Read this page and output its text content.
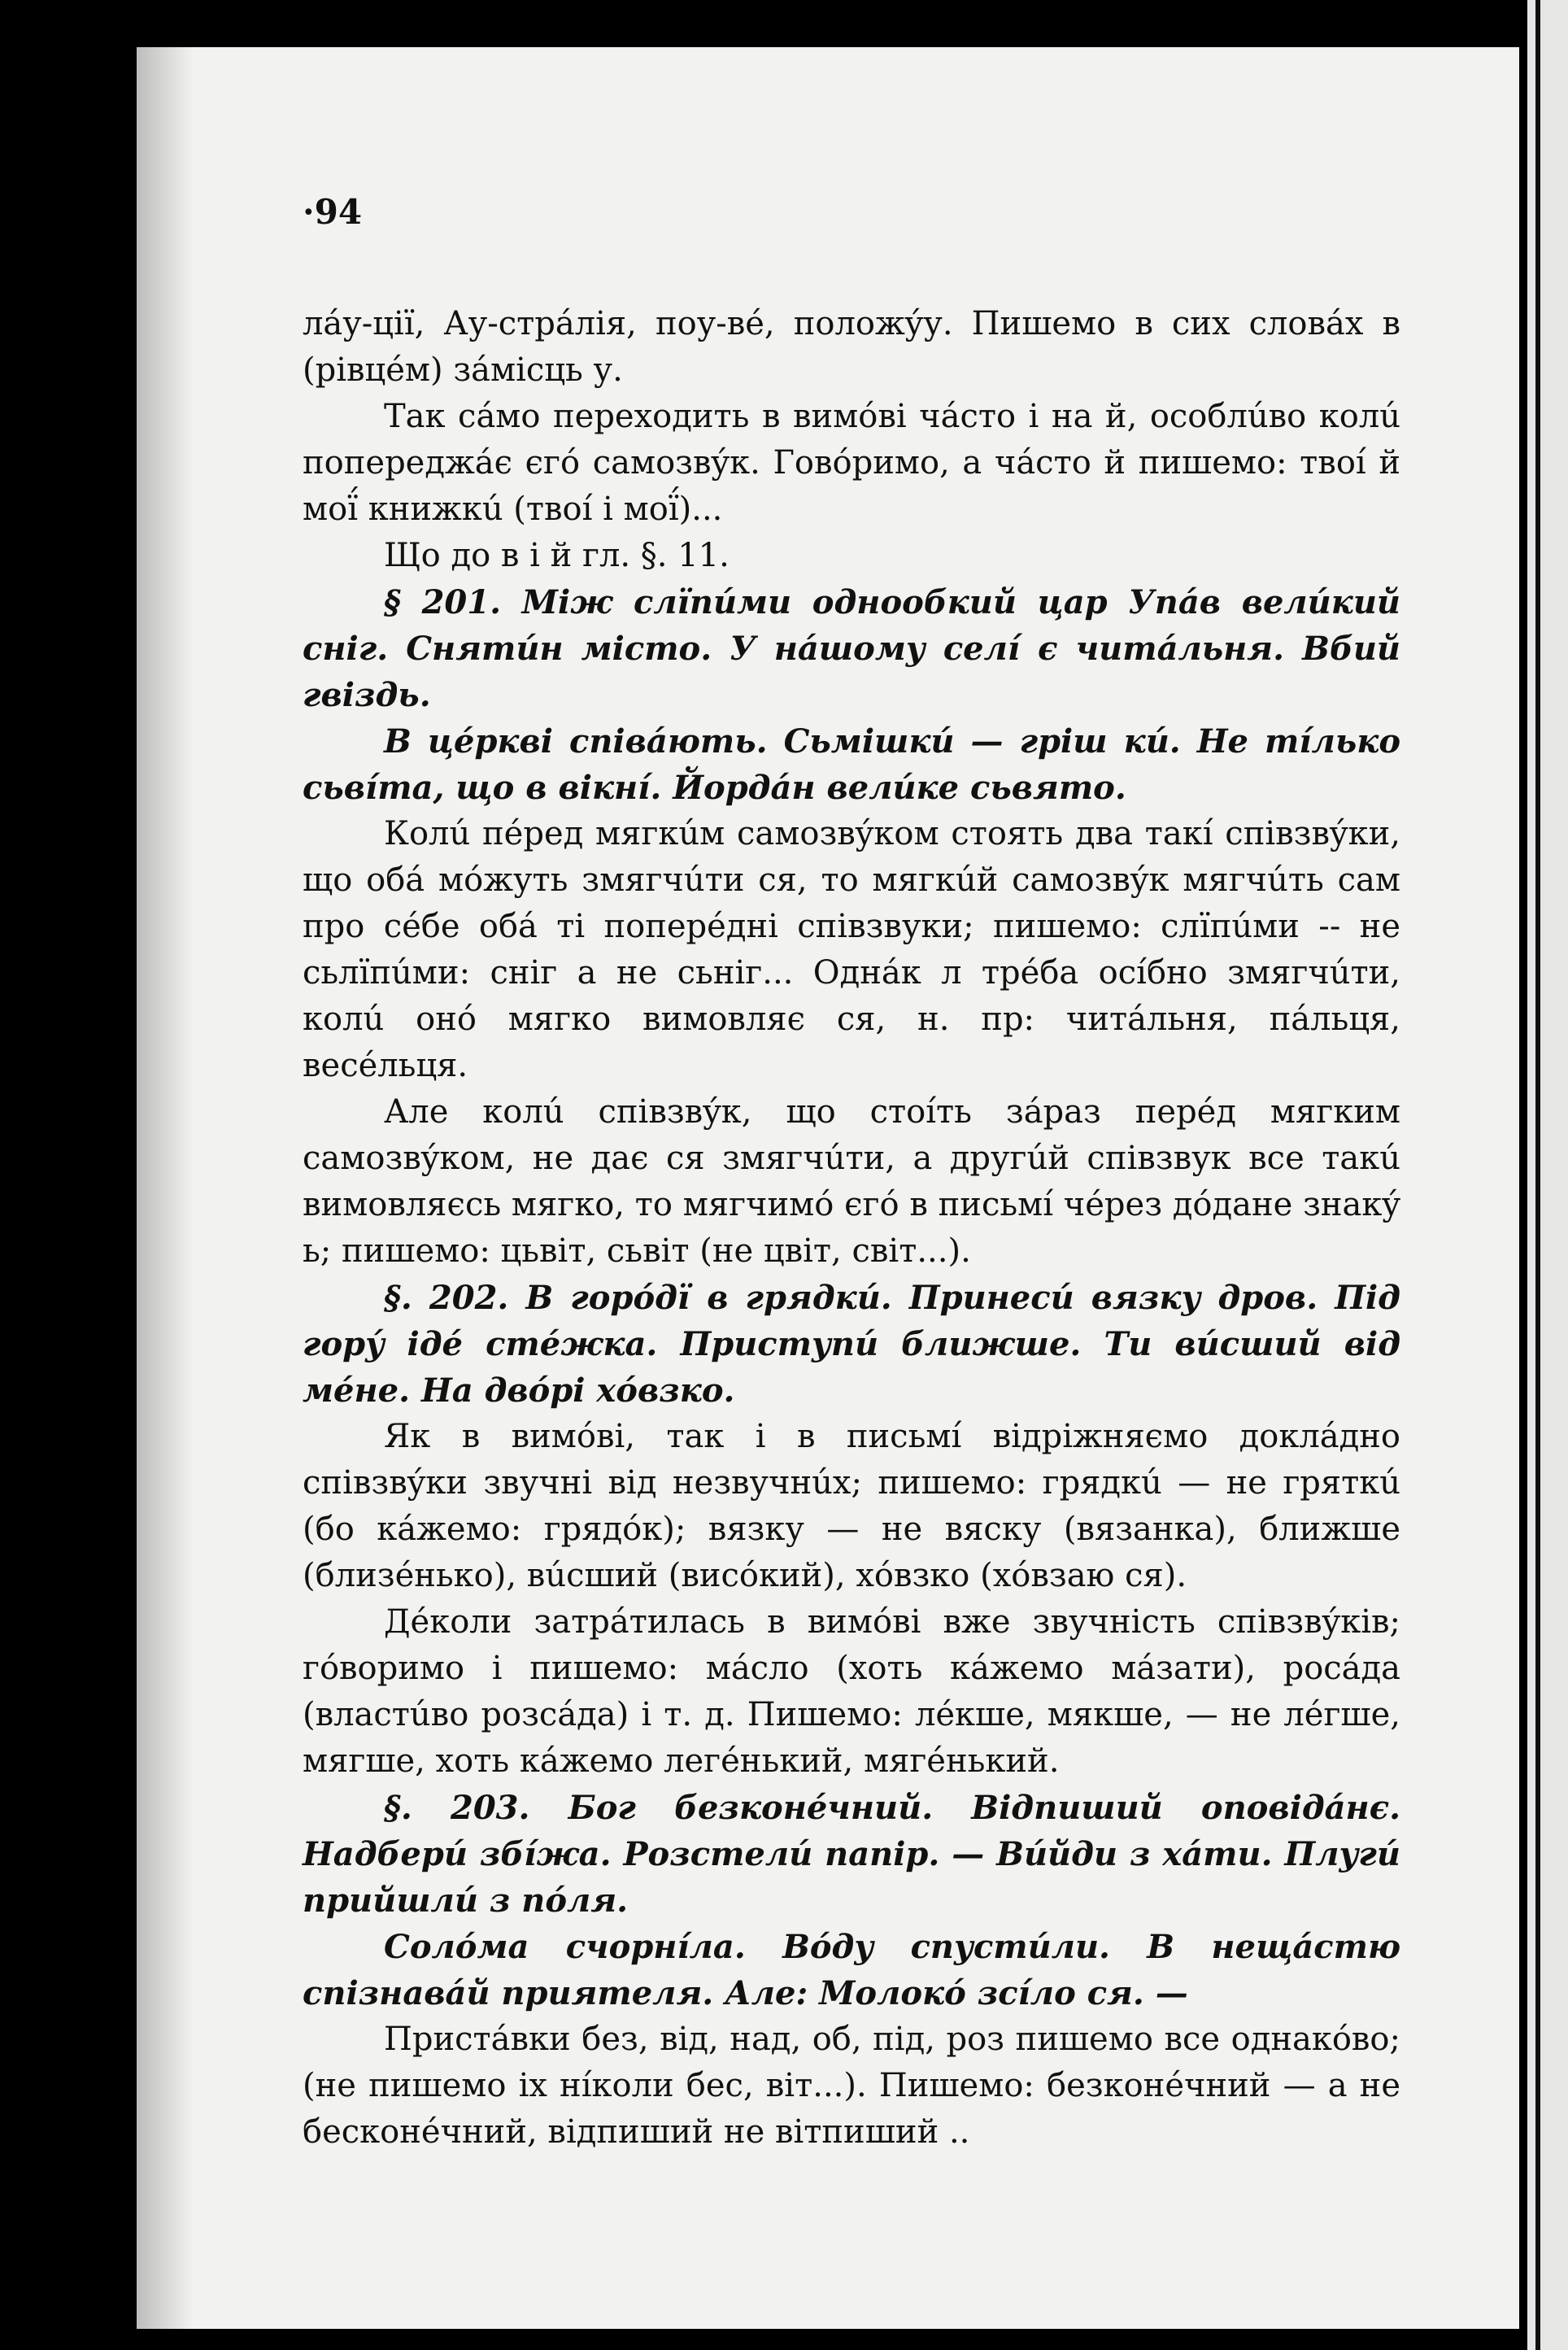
·94

лáу-ції, Ау-стрáлія, поу-вé, положýу. Пишемо в сих словáх в (рівцéм) зáмісць у.

Так сáмо переходить в вимóві чáсто і на й, особлúво колú попереджáє єгó самозвýк. Говóримо, а чáсто й пишемо: твоі́ й мої́ книжкú (твоі́ і мої́)...

Що до в і й гл. §. 11.

§ 201. Між слїпúми однообкий цар Упáв велúкий сніг. Снятúн місто. У нáшому селі́ є читáльня. Вбий гвіздь.

В цéркві співáють. Сьмішкú — гріш кú. Не тíлько сьвíта, що в вікнí. Йордáн велúке сьвято.

Колú пéред мягкúм самозвýком стоять два такі́ співзвýки, що обá мóжуть змягчúти ся, то мягкúй самозвýк мягчúть сам про сéбе обá ті поперéдні співзвуки; пишемо: слїпúми -- не сьлїпúми: сніг а не сьніг... Однáк л трéба осíбно змягчúти, колú онó мягко вимовляє ся, н. пр: читáльня, пáльця, весéльця.

Але колú співзвýк, що стоі́ть зáраз перéд мягким самозвýком, не дає ся змягчúти, а другúй співзвук все такú вимовляєсь мягко, то мягчимó єгó в письмі́ чéрез дóдане знакý ь; пишемо: цьвіт, сьвіт (не цвіт, світ...).

§. 202. В горóдї в грядкú. Принесú вязку дров. Під горý ідé стéжка. Приступú ближше. Ти вúсший від мéне. На двóрі хóвзко.

Як в вимóві, так і в письмі́ відріжняємо доклáдно співзвýки звучні від незвучнúх; пишемо: грядкú — не гряткú (бо кáжемо: грядóк); вязку — не вяску (вязанка), ближше (близéнько), вúсший (висóкий), хóвзко (хóвзаю ся).

Дéколи затрáтилась в вимóві вже звучність співзвýків; гóворимо і пишемо: мáсло (хоть кáжемо мáзати), росáда (властúво розсáда) і т. д. Пишемо: лéкше, мякше, — не лéгше, мягше, хоть кáжемо легéнький, мягéнький.

§. 203. Бог безконéчний. Відпиший оповідáнє. Надберú збíжа. Розстелú папір. — Вúйди з хáти. Плугú прийшлú з пóля.

Солóма счорнíла. Вóду спустúли. В нещáстю спізнавáй приятеля. Але: Молокó зсíло ся. —

Пристáвки без, від, над, об, під, роз пишемо все однакóво; (не пишемо іх нíколи бес, віт...). Пишемо: безконéчний — а не бесконéчний, відпиший не вітпиший ..
